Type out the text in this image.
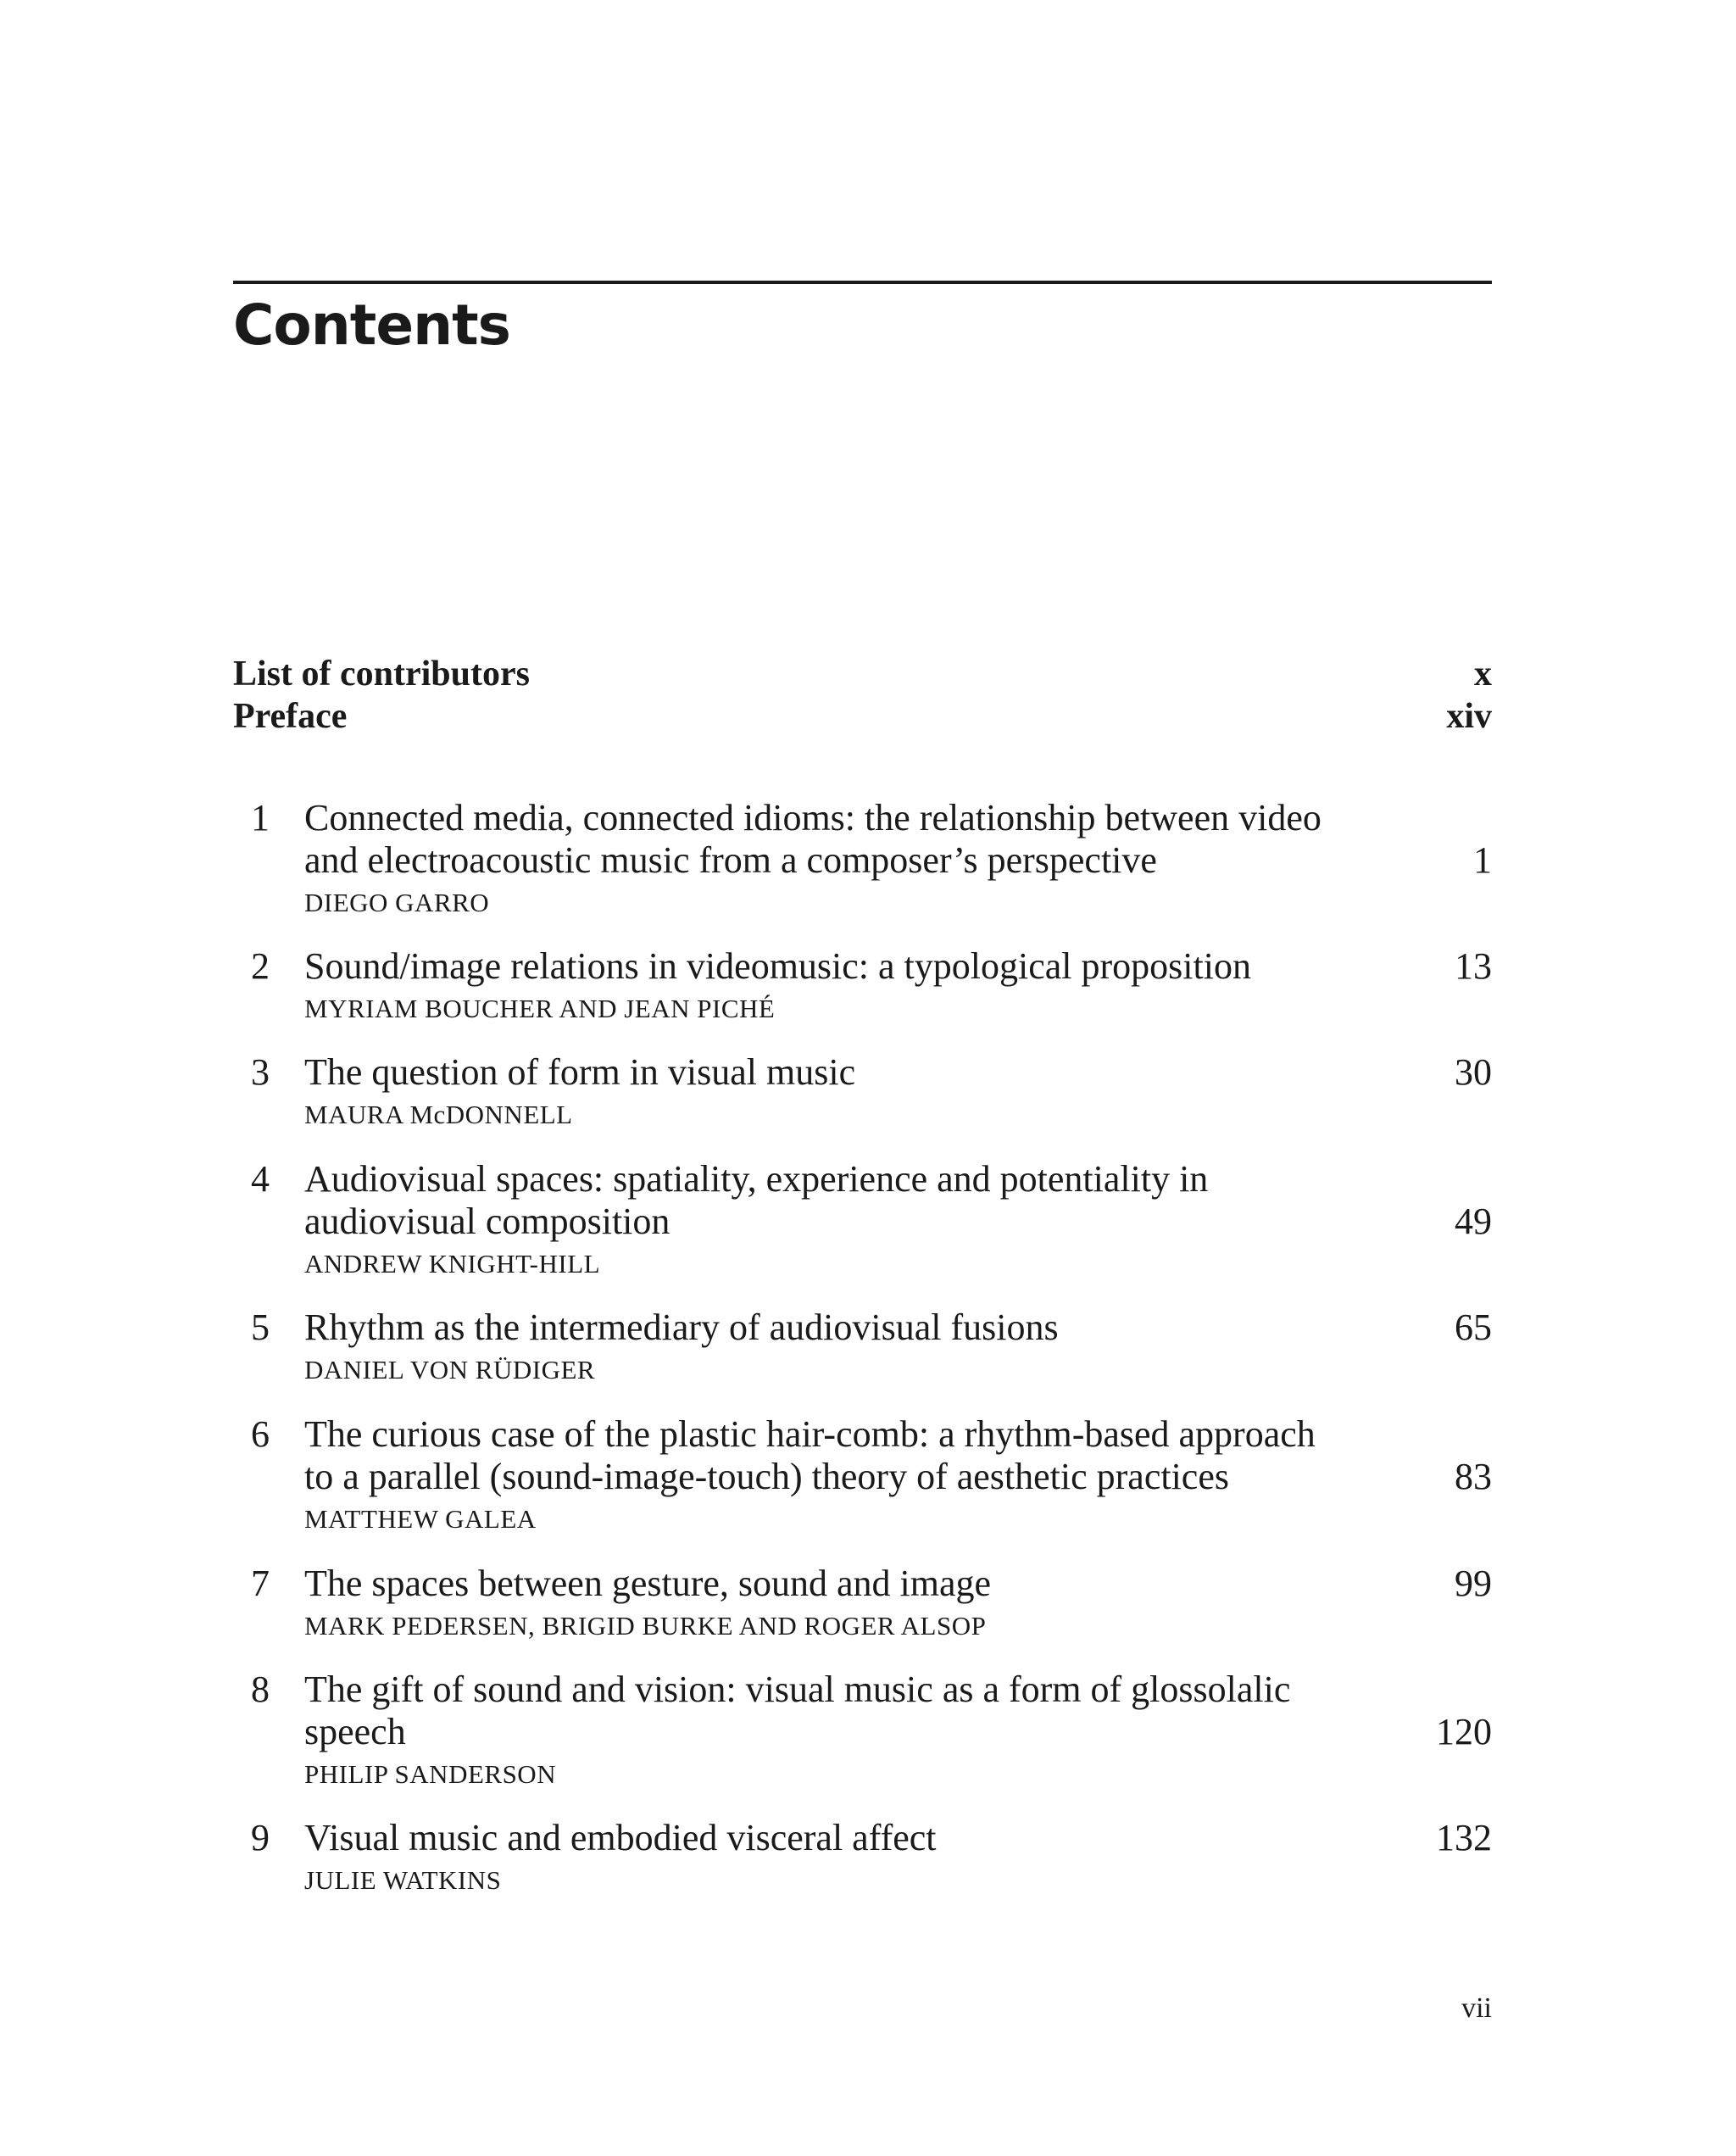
Contents
List of contributors	x
Preface	xiv
1 Connected media, connected idioms: the relationship between video
and electroacoustic music from a composer’s perspective	1
DIEGO GARRO
2 Sound/image relations in videomusic: a typological proposition	13
MYRIAM BOUCHER AND JEAN PICHÉ
3 The question of form in visual music	30
MAURA McDONNELL
4 Audiovisual spaces: spatiality, experience and potentiality in
audiovisual composition	49
ANDREW KNIGHT-HILL
5 Rhythm as the intermediary of audiovisual fusions	65
DANIEL VON RÜDIGER
6 The curious case of the plastic hair-comb: a rhythm-based approach
to a parallel (sound-image-touch) theory of aesthetic practices	83
MATTHEW GALEA
7 The spaces between gesture, sound and image	99
MARK PEDERSEN, BRIGID BURKE AND ROGER ALSOP
8 The gift of sound and vision: visual music as a form of glossolalic
speech	120
PHILIP SANDERSON
9 Visual music and embodied visceral affect	132
JULIE WATKINS
vii
